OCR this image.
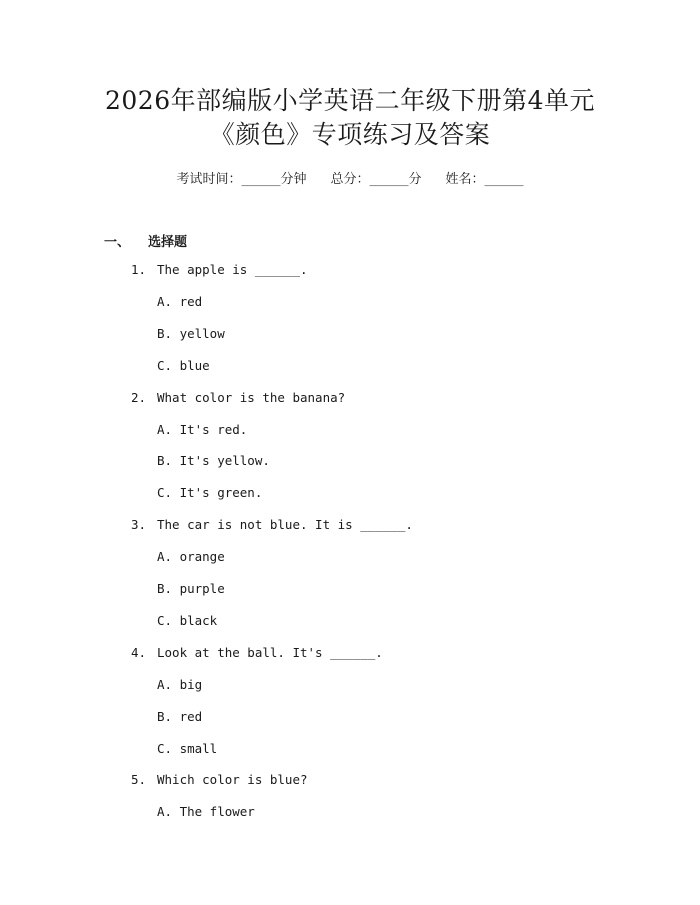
2026年部编版小学英语二年级下册第4单元
《颜色》专项练习及答案
考试时间：______分钟 总分：______分 姓名：______
一、 选择题
1. The apple is ______.
A. red
B. yellow
C. blue
2. What color is the banana?
A. It's red.
B. It's yellow.
C. It's green.
3. The car is not blue. It is ______.
A. orange
B. purple
C. black
4. Look at the ball. It's ______.
A. big
B. red
C. small
5. Which color is blue?
A. The flower
